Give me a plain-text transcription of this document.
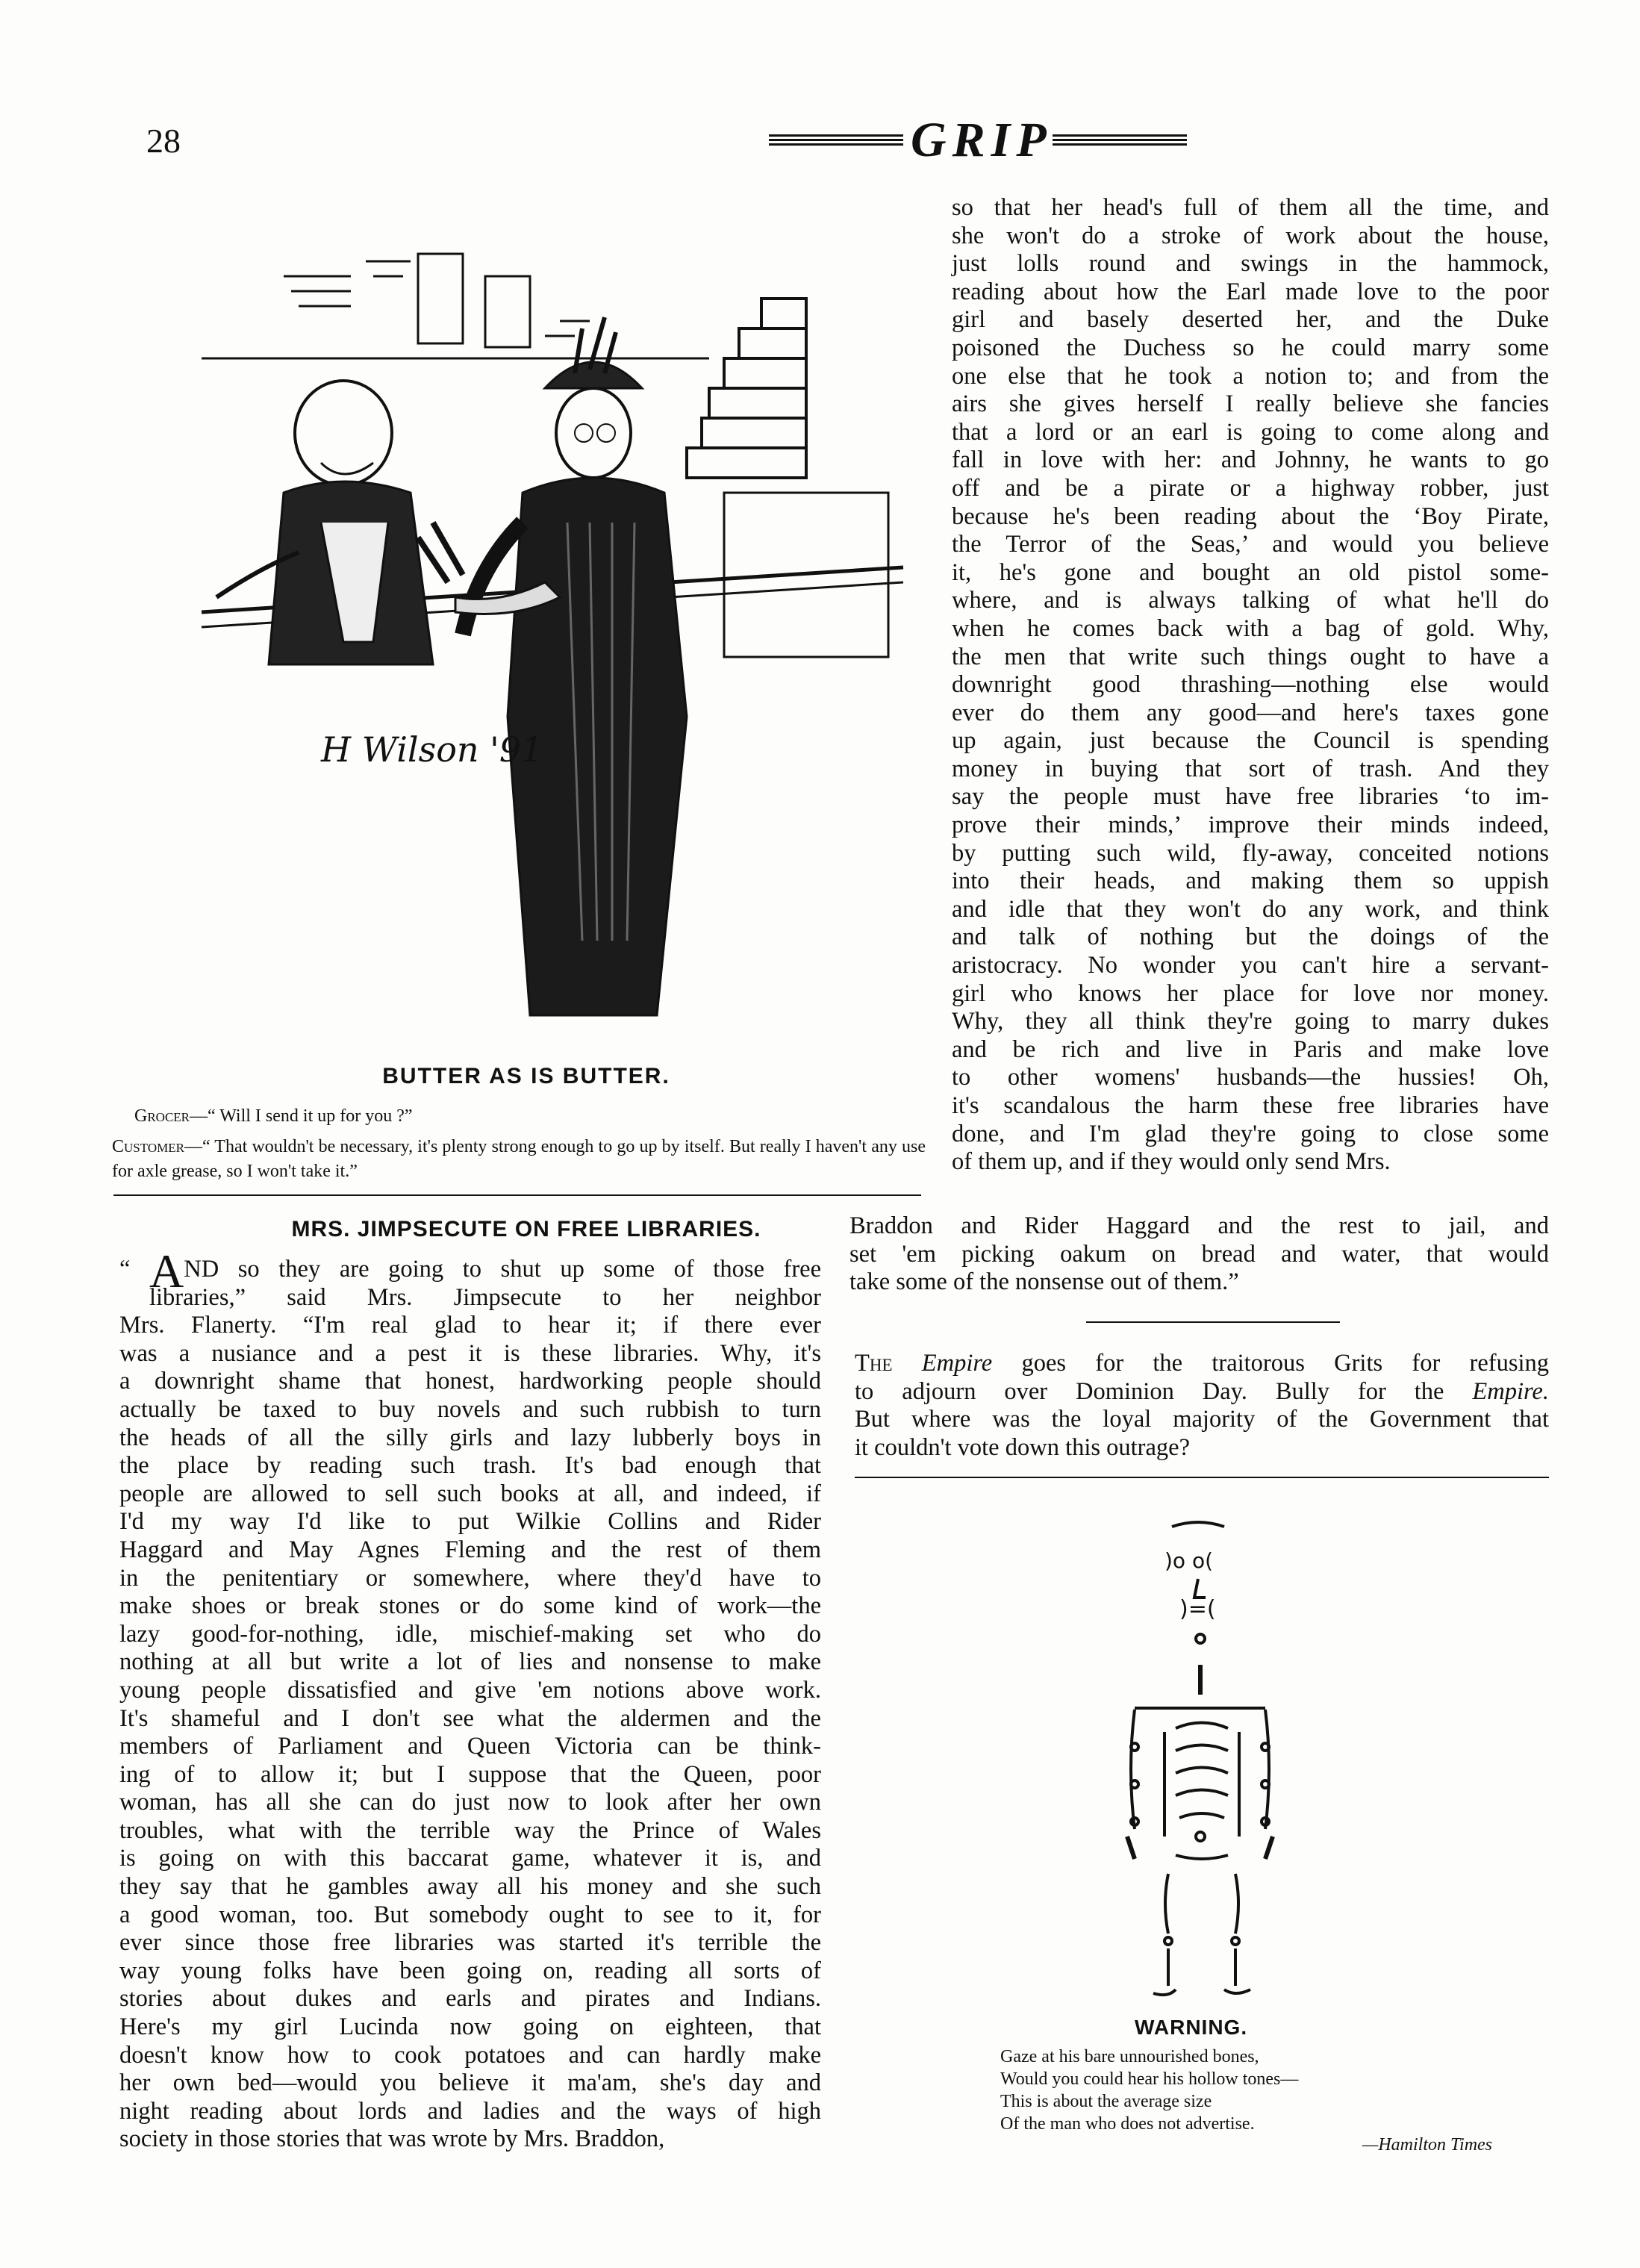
28	GRIP
H Wilson '91
BUTTER AS IS BUTTER.
Grocer—“ Will I send it up for you ?”
Customer—“ That wouldn't be necessary, it's plenty strong enough to go up by itself. But really I haven't any use for axle grease, so I won't take it.”
MRS. JIMPSECUTE ON FREE LIBRARIES.
“ AND so they are going to shut up some of those free
libraries,” said Mrs. Jimpsecute to her neighbor
Mrs. Flanerty. “I'm real glad to hear it; if there ever
was a nusiance and a pest it is these libraries. Why, it's
a downright shame that honest, hardworking people should
actually be taxed to buy novels and such rubbish to turn
the heads of all the silly girls and lazy lubberly boys in
the place by reading such trash. It's bad enough that
people are allowed to sell such books at all, and indeed, if
I'd my way I'd like to put Wilkie Collins and Rider
Haggard and May Agnes Fleming and the rest of them
in the penitentiary or somewhere, where they'd have to
make shoes or break stones or do some kind of work—the
lazy good-for-nothing, idle, mischief-making set who do
nothing at all but write a lot of lies and nonsense to make
young people dissatisfied and give 'em notions above work.
It's shameful and I don't see what the aldermen and the
members of Parliament and Queen Victoria can be think-
ing of to allow it; but I suppose that the Queen, poor
woman, has all she can do just now to look after her own
troubles, what with the terrible way the Prince of Wales
is going on with this baccarat game, whatever it is, and
they say that he gambles away all his money and she such
a good woman, too. But somebody ought to see to it, for
ever since those free libraries was started it's terrible the
way young folks have been going on, reading all sorts of
stories about dukes and earls and pirates and Indians.
Here's my girl Lucinda now going on eighteen, that
doesn't know how to cook potatoes and can hardly make
her own bed—would you believe it ma'am, she's day and
night reading about lords and ladies and the ways of high
society in those stories that was wrote by Mrs. Braddon,
so that her head's full of them all the time, and
she won't do a stroke of work about the house,
just lolls round and swings in the hammock,
reading about how the Earl made love to the poor
girl and basely deserted her, and the Duke
poisoned the Duchess so he could marry some
one else that he took a notion to; and from the
airs she gives herself I really believe she fancies
that a lord or an earl is going to come along and
fall in love with her: and Johnny, he wants to go
off and be a pirate or a highway robber, just
because he's been reading about the ‘Boy Pirate,
the Terror of the Seas,’ and would you believe
it, he's gone and bought an old pistol some-
where, and is always talking of what he'll do
when he comes back with a bag of gold. Why,
the men that write such things ought to have a
downright good thrashing—nothing else would
ever do them any good—and here's taxes gone
up again, just because the Council is spending
money in buying that sort of trash. And they
say the people must have free libraries ‘to im-
prove their minds,’ improve their minds indeed,
by putting such wild, fly-away, conceited notions
into their heads, and making them so uppish
and idle that they won't do any work, and think
and talk of nothing but the doings of the
aristocracy. No wonder you can't hire a servant-
girl who knows her place for love nor money.
Why, they all think they're going to marry dukes
and be rich and live in Paris and make love
to other womens' husbands—the hussies! Oh,
it's scandalous the harm these free libraries have
done, and I'm glad they're going to close some
of them up, and if they would only send Mrs.
Braddon and Rider Haggard and the rest to jail, and
set 'em picking oakum on bread and water, that would
take some of the nonsense out of them.”
The Empire goes for the traitorous Grits for refusing
to adjourn over Dominion Day. Bully for the Empire.
But where was the loyal majority of the Government that
it couldn't vote down this outrage?
)o o(
)=(
WARNING.
Gaze at his bare unnourished bones,
Would you could hear his hollow tones—
This is about the average size
Of the man who does not advertise.
—Hamilton Times
